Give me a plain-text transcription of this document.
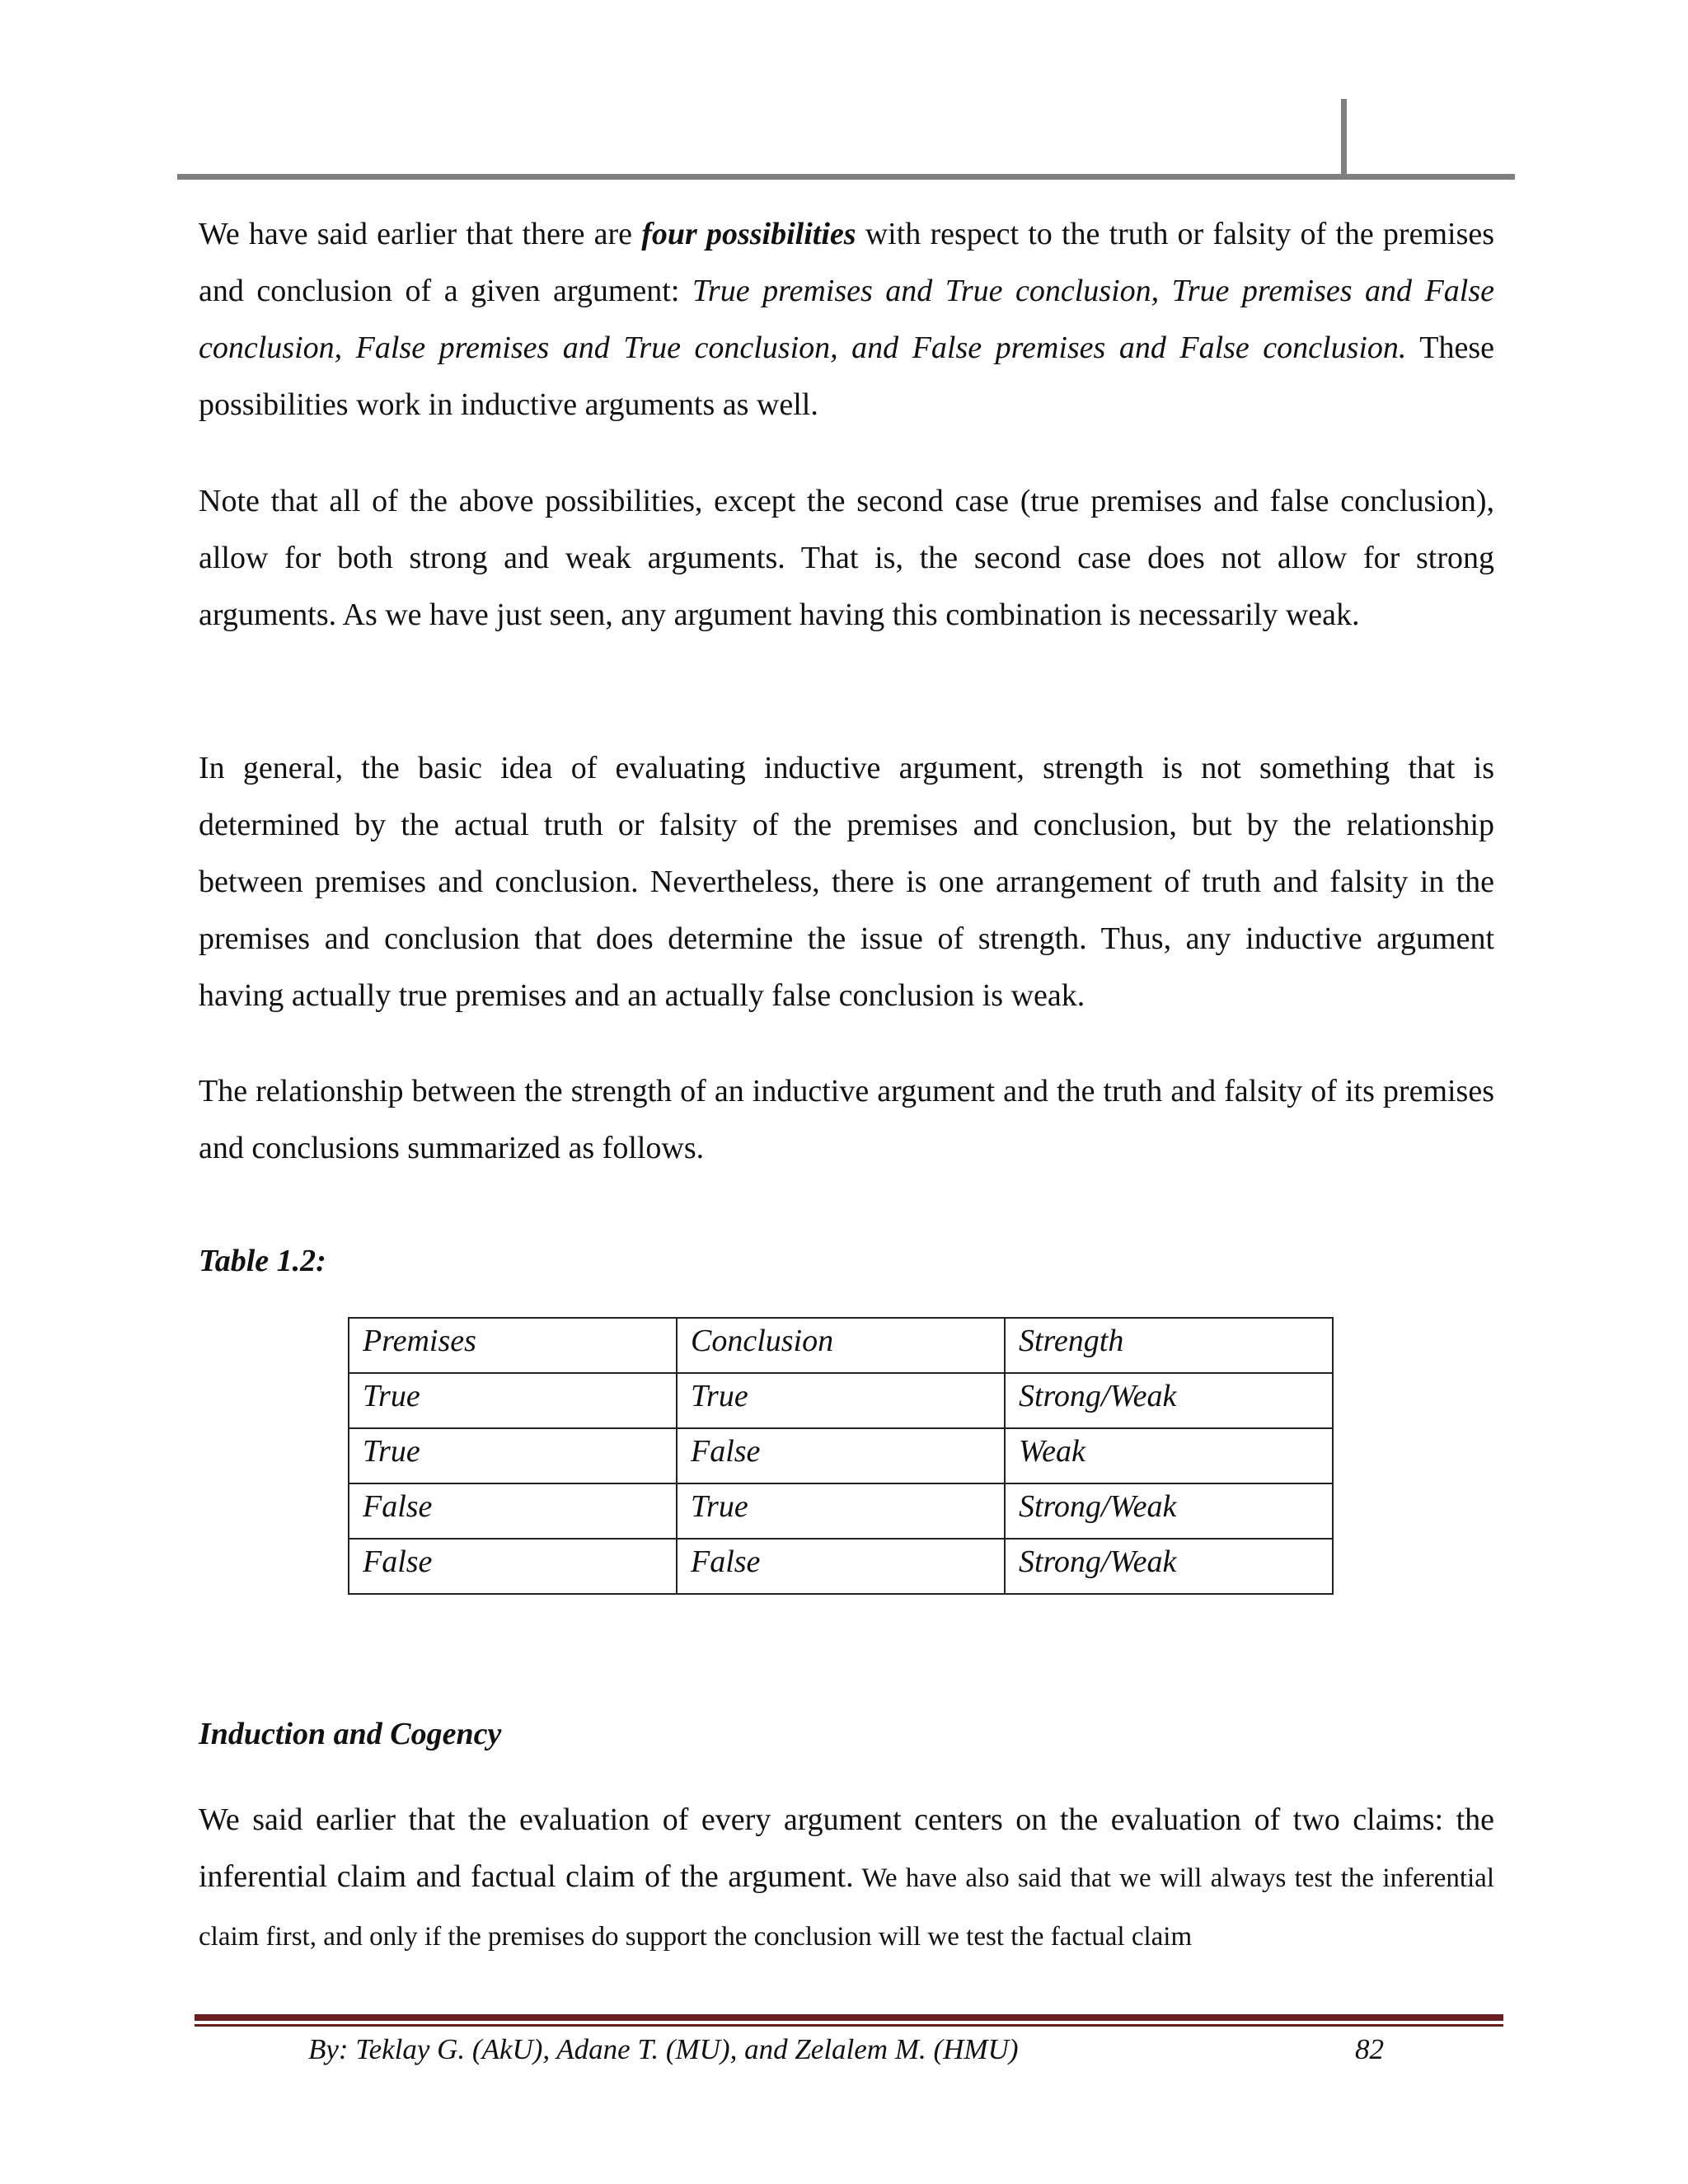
We have said earlier that there are four possibilities with respect to the truth or falsity of the premises and conclusion of a given argument: True premises and True conclusion, True premises and False conclusion, False premises and True conclusion, and False premises and False conclusion. These possibilities work in inductive arguments as well.

Note that all of the above possibilities, except the second case (true premises and false conclusion), allow for both strong and weak arguments. That is, the second case does not allow for strong arguments. As we have just seen, any argument having this combination is necessarily weak.

In general, the basic idea of evaluating inductive argument, strength is not something that is determined by the actual truth or falsity of the premises and conclusion, but by the relationship between premises and conclusion. Nevertheless, there is one arrangement of truth and falsity in the premises and conclusion that does determine the issue of strength. Thus, any inductive argument having actually true premises and an actually false conclusion is weak.

The relationship between the strength of an inductive argument and the truth and falsity of its premises and conclusions summarized as follows.

Table 1.2:
Premises	Conclusion	Strength
True	True	Strong/Weak
True	False	Weak
False	True	Strong/Weak
False	False	Strong/Weak
Induction and Cogency

We said earlier that the evaluation of every argument centers on the evaluation of two claims: the inferential claim and factual claim of the argument. We have also said that we will always test the inferential claim first, and only if the premises do support the conclusion will we test the factual claim

By: Teklay G. (AkU), Adane T. (MU), and Zelalem M. (HMU)	82
